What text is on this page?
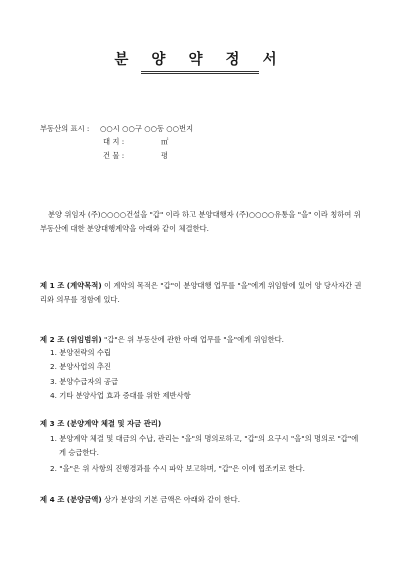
분 양 약 정 서
부동산의 표시 : ○○시 ○○구 ○○동 ○○번지
대 지 :	㎡
건 물 :	평
분양 위임자 (주)○○○○건설을 "갑" 이라 하고 분양대행자 (주)○○○○유통을 "을" 이라 칭하여 위 부동산에 대한 분양대행계약을 아래와 같이 체결한다.
제 1 조 (계약목적) 이 계약의 목적은 "갑"이 분양대행 업무를 "을"에게 위임함에 있어 양 당사자간 권리와 의무를 정함에 있다.
제 2 조 (위임범위) "갑"은 위 부동산에 관한 아래 업무를 "을"에게 위임한다.
1. 분양전략의 수립
2. 분양사업의 추진
3. 분양수급자의 공급
4. 기타 분양사업 효과 증대를 위한 제반사항
제 3 조 (분양계약 체결 및 자금 관리)
1. 분양계약 체결 및 대금의 수납, 관리는 "을"의 명의로하고, "갑"의 요구시 "을"의 명의로 "갑"에게 승급한다.
2. "을"은 위 사항의 진행경과를 수시 파악 보고하며, "갑"은 이에 협조키로 한다.
제 4 조 (분양금액) 상가 분양의 기본 금액은 아래와 같이 한다.
